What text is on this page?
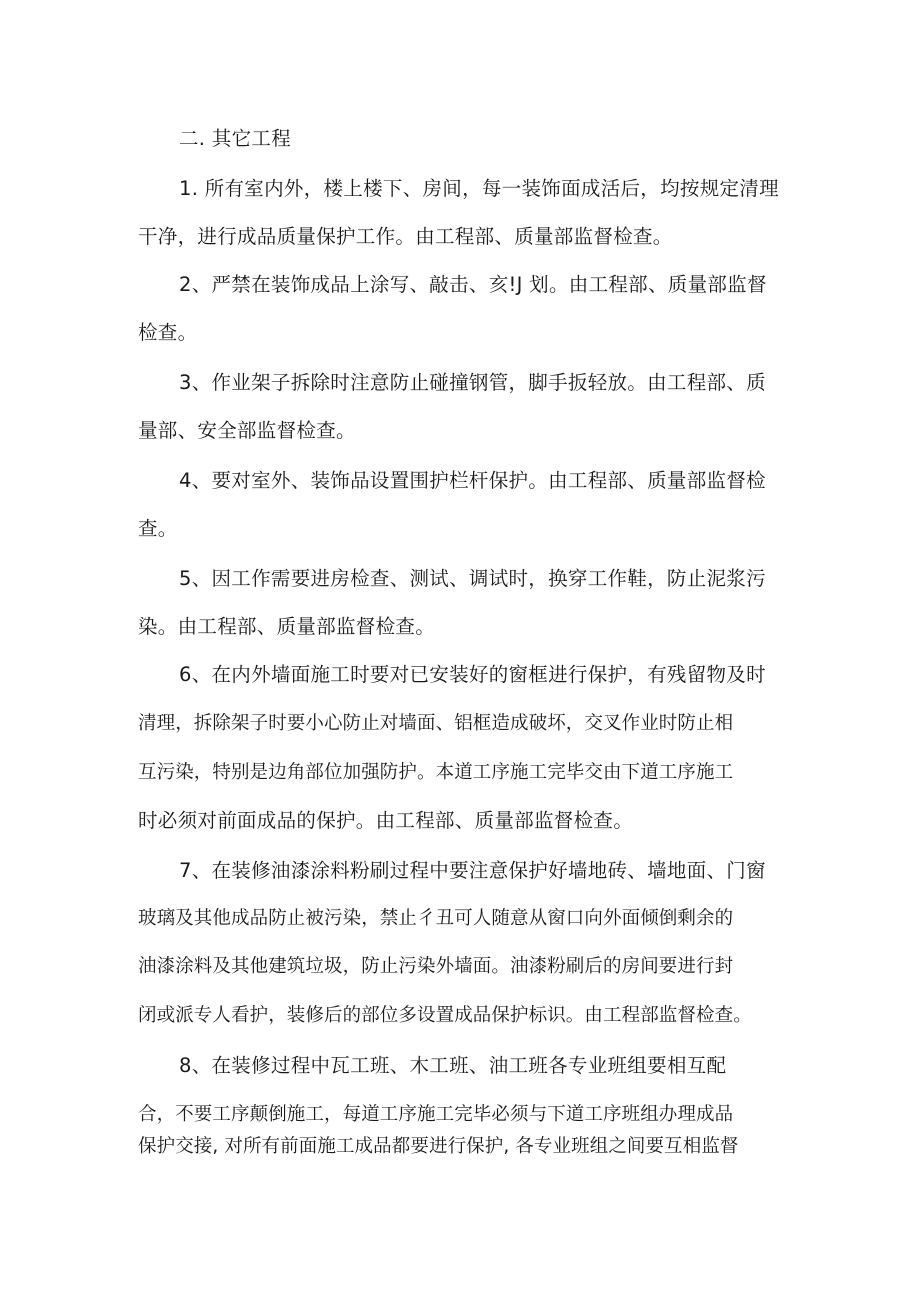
二. 其它工程
1. 所有室内外，楼上楼下、房间，每一装饰面成活后，均按规定清理
干净，进行成品质量保护工作。由工程部、质量部监督检查。
2、严禁在装饰成品上涂写、敲击、亥!J 划。由工程部、质量部监督
检查。
3、作业架子拆除时注意防止碰撞钢管，脚手扳轻放。由工程部、质
量部、安全部监督检查。
4、要对室外、装饰品设置围护栏杆保护。由工程部、质量部监督检
查。
5、因工作需要进房检查、测试、调试时，换穿工作鞋，防止泥浆污
染。由工程部、质量部监督检查。
6、在内外墙面施工时要对已安装好的窗框进行保护，有残留物及时
清理，拆除架子时要小心防止对墙面、铝框造成破坏，交叉作业时防止相
互污染，特别是边角部位加强防护。本道工序施工完毕交由下道工序施工
时必须对前面成品的保护。由工程部、质量部监督检查。
7、在装修油漆涂料粉刷过程中要注意保护好墙地砖、墙地面、门窗
玻璃及其他成品防止被污染，禁止彳丑可人随意从窗口向外面倾倒剩余的
油漆涂料及其他建筑垃圾，防止污染外墙面。油漆粉刷后的房间要进行封
闭或派专人看护，装修后的部位多设置成品保护标识。由工程部监督检查。
8、在装修过程中瓦工班、木工班、油工班各专业班组要相互配
合，不要工序颠倒施工，每道工序施工完毕必须与下道工序班组办理成品
保护交接, 对所有前面施工成品都要进行保护, 各专业班组之间要互相监督
